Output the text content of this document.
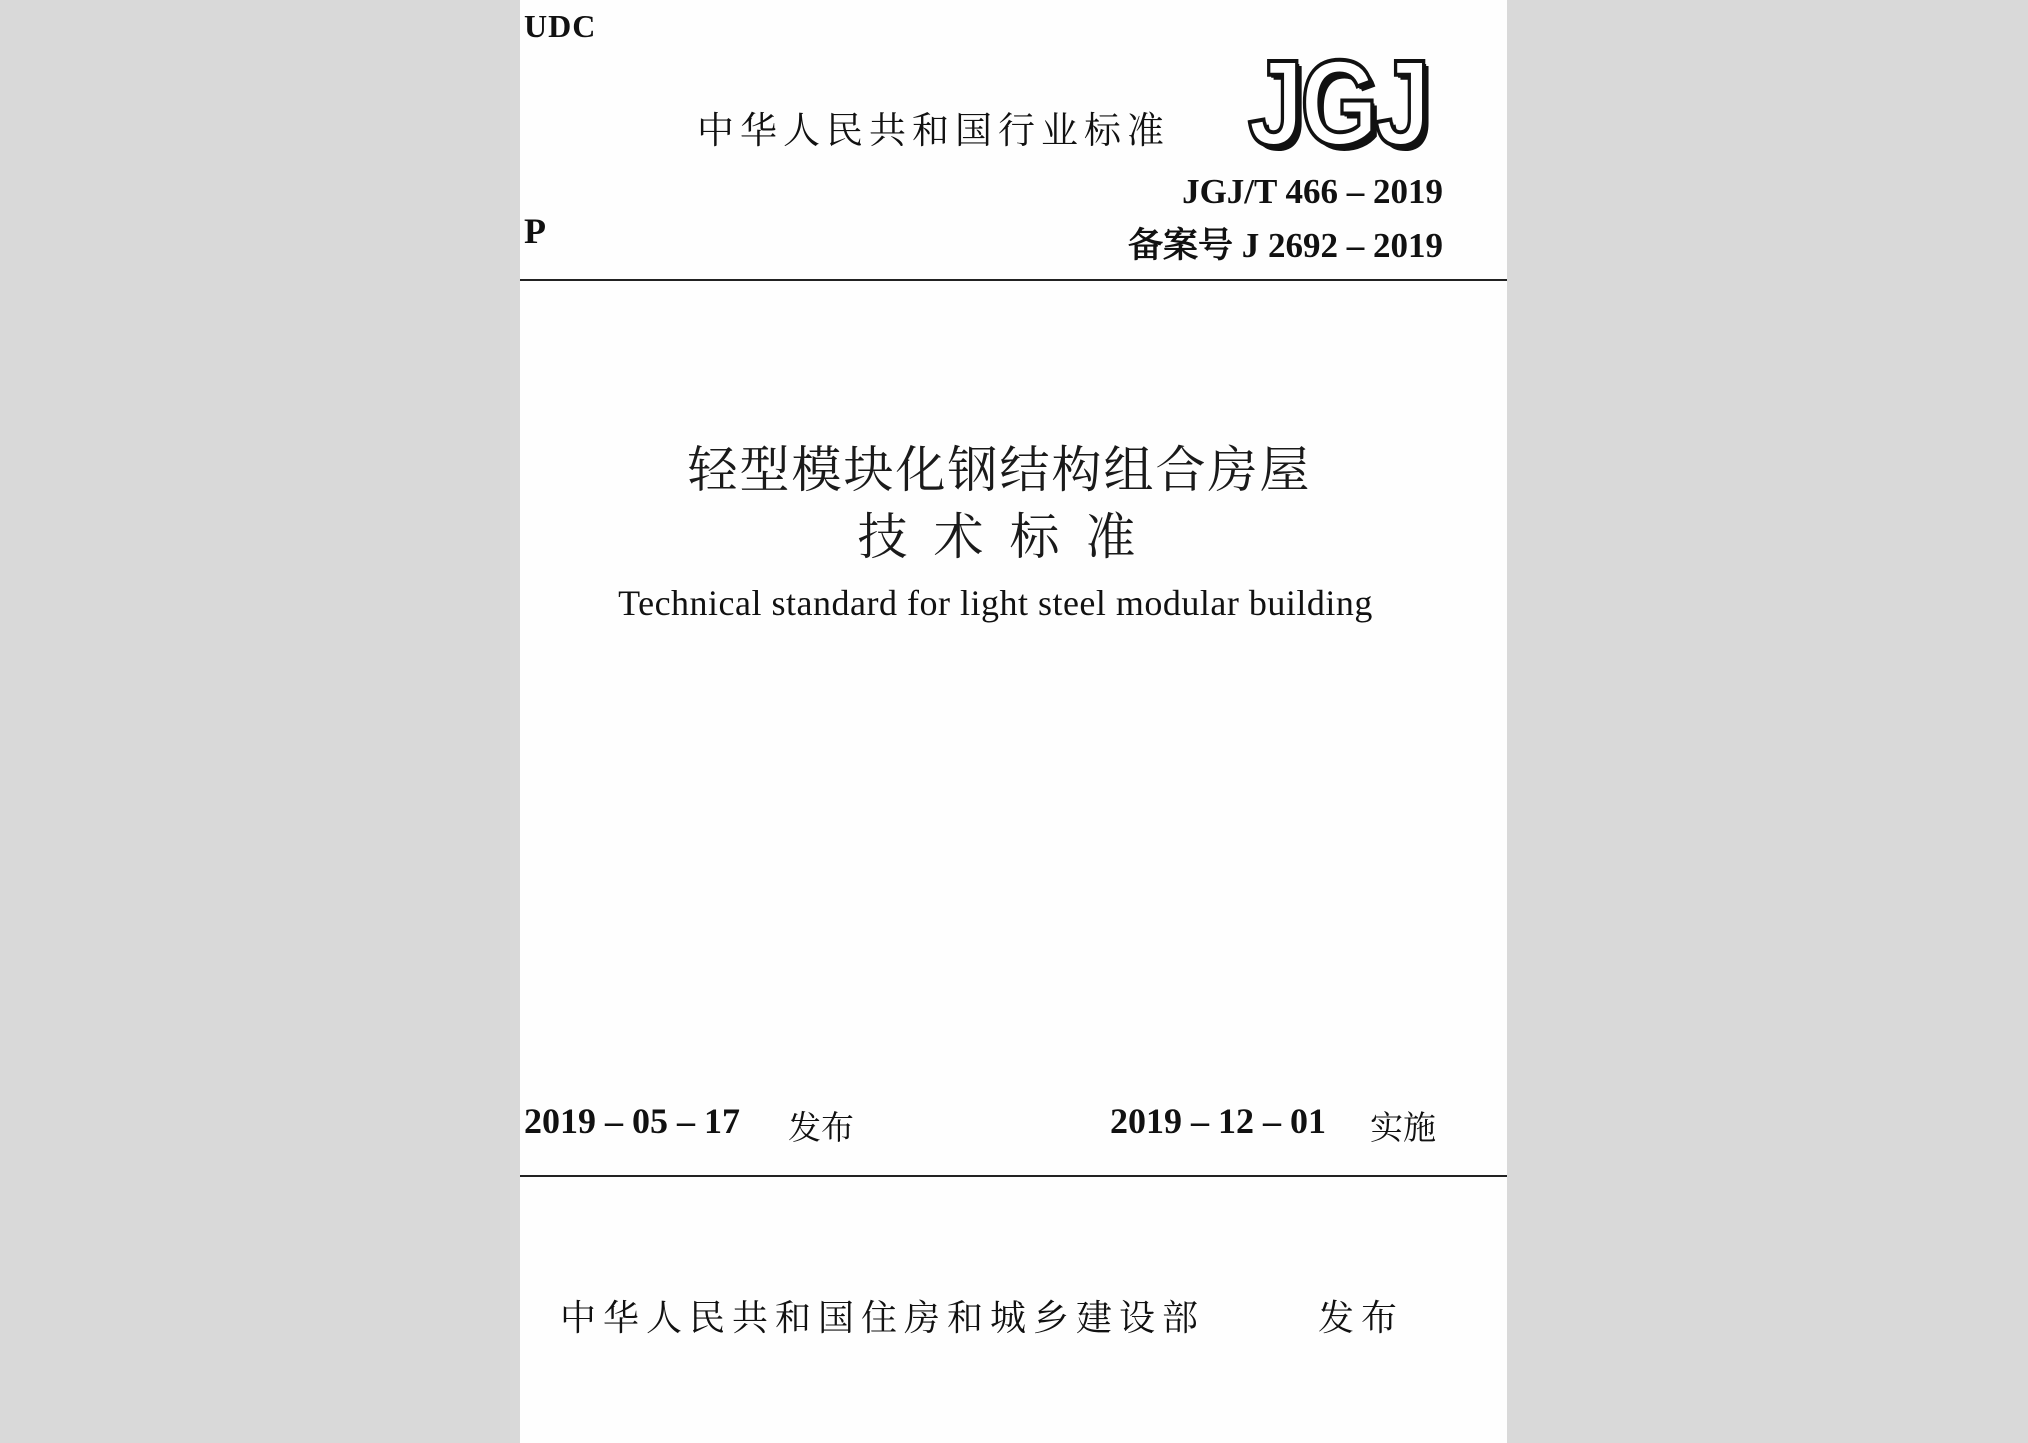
UDC
中华人民共和国行业标准 JGJ
JGJ/T 466 – 2019
P	备案号 J 2692 – 2019
轻型模块化钢结构组合房屋
技术标准
Technical standard for light steel modular building
2019 – 05 – 17 发布	2019 – 12 – 01 实施
中华人民共和国住房和城乡建设部	发布
